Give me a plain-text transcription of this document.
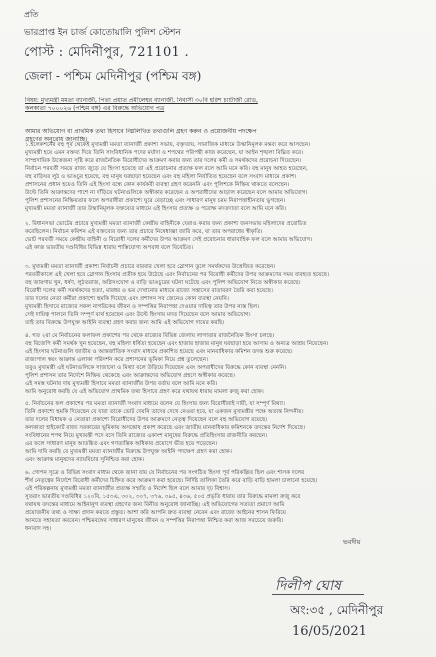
প্রতি
ভারপ্রাপ্ত ইন চার্জ কোতোয়ালি পুলিশ স্টেশন
পোস্ট : মেদিনীপুর, 721101 .
জেলা - পশ্চিম মেদিনীপুর (পশ্চিম বঙ্গ)
বিষয়: মুখ্যমন্ত্রী মমতা ব্যানার্জী, পিতা প্রয়াত প্রমীলেশ্বর ব্যানার্জী, নিবাসী ৩০বি হরিশ চ্যাটার্জী রোড,
কলকাতা ৭০০০২৬ (পশ্চিম বঙ্গ) এর বিরুদ্ধে অভিযোগ পত্র
আমার অভিযোগ বা প্রাথমিক তথ্য হিসাবে নিম্নলিখিত তথ্যগুলি গ্রহণ করুন ও প্রয়োজনীয় পদক্ষেপ
গ্রহণের অনুরোধ জানাচ্ছি।
১.ইলেকশনের বহু পূর্ব থেকেই মুখ্যমন্ত্রী মমতা ব্যানার্জী প্রকাশ্য সভায়, বক্তৃতায়, সামাজিক মাধ্যমে উস্কানিমূলক মন্তব্য করে আসছেন।
মুখ্যমন্ত্রী হয়ে এমন বক্তব্য দিয়ে তিনি সাংবিধানিক পদের মর্যাদা ও শপথের পরিপন্থী কাজ করেছেন, যা আইন শৃঙ্খলা বিঘ্নিত করে।
সাম্প্রদায়িক উত্তেজনা সৃষ্টি করে রাজনৈতিক বিরোধীদের আক্রমণ করার জন্য তার দলের কর্মী ও সমর্থকদের প্ররোচনা দিয়েছেন।
নির্বাচন পরবর্তী সময়ে রাজ্য জুড়ে যে হিংসা হয়েছে তা এই প্ররোচনার প্রত্যক্ষ ফল বলে আমি মনে করি। বহু মানুষ আহত হয়েছেন,
বহু বাড়িঘর লুঠ ও ভাঙচুর হয়েছে, বহু মানুষ ঘরছাড়া হয়েছেন এবং বহু মহিলা নির্যাতিত হয়েছেন বলে সংবাদ মাধ্যমে প্রকাশ।
প্রশাসনের প্রধান হয়েও তিনি এই হিংসা বন্ধে কোন কার্যকরী ব্যবস্থা গ্রহণ করেননি এবং পুলিশকে নিষ্ক্রিয় থাকতে বলেছেন।
উল্টে তিনি আক্রান্তদের পাশে না দাঁড়িয়ে ঘটনাগুলিকে অস্বীকার করেছেন ও অপরাধীদের আড়াল করেছেন বলে আমার অভিযোগ।
পুলিশ প্রশাসনের নিষ্ক্রিয়তার ফলে অপরাধীরা প্রকাশ্যে ঘুরে বেড়াচ্ছে এবং সাধারণ মানুষ চরম নিরাপত্তাহীনতায় ভুগছেন।
মুখ্যমন্ত্রী মমতা ব্যানার্জী তার উস্কানিমূলক বক্তব্যের মাধ্যমে এই হিংসার প্রত্যক্ষ ও পরোক্ষ মদতদাতা বলে আমি মনে করি।
২. বিধানসভা ভোটের প্রচারে মুখ্যমন্ত্রী মমতা ব্যানার্জী কেন্দ্রীয় বাহিনীকে ঘেরাও করার জন্য প্রকাশ্য জনসভায় মহিলাদের প্ররোচিত
করেছিলেন। নির্বাচন কমিশন এই বক্তব্যের জন্য তার প্রচারে নিষেধাজ্ঞা জারি করে, যা তার অপরাধের স্বীকৃতি।
ভোট পরবর্তী সময়ে কেন্দ্রীয় বাহিনী ও বিরোধী দলের কর্মীদের উপর আক্রমণ সেই প্ররোচনার ধারাবাহিক ফল বলে আমার অভিযোগ।
এই কাজ ভারতীয় দণ্ডবিধির বিভিন্ন ধারায় শাস্তিযোগ্য অপরাধ বলে বিবেচিত।
৩. মুখ্যমন্ত্রী মমতা ব্যানার্জী প্রকাশ্য নির্বাচনী প্রচারে বারবার খেলা হবে স্লোগান তুলে সমর্থকদের উত্তেজিত করেছেন।
পরবর্তীকালে এই খেলা হবে স্লোগান হিংসার প্রতীক হয়ে উঠেছে এবং নির্বাচনের পর বিরোধী কর্মীদের উপর আক্রমণের সময় ব্যবহৃত হয়েছে।
বহু জায়গায় খুন, ধর্ষণ, লুঠতরাজ, অগ্নিসংযোগ ও বাড়ি ভাঙচুরের ঘটনা ঘটেছে এবং পুলিশ অভিযোগ নিতে অস্বীকার করেছে।
বিরোধী দলের কর্মী সমর্থকদের হত্যা, মারধর ও ভয় দেখানোর মাধ্যমে রাজ্যে সন্ত্রাসের বাতাবরণ তৈরি করা হয়েছে।
তার দলের নেতা কর্মীরা প্রকাশ্যে হুমকি দিয়েছে এবং প্রশাসন সব জেনেও কোন ব্যবস্থা নেয়নি।
মুখ্যমন্ত্রী হিসাবে রাজ্যের সকল নাগরিকের জীবন ও সম্পত্তির নিরাপত্তা দেওয়ার দায়িত্ব তার উপর ন্যস্ত ছিল।
সেই দায়িত্ব পালনে তিনি সম্পূর্ণ ব্যর্থ হয়েছেন এবং উল্টে হিংসায় মদত দিয়েছেন বলে আমার অভিযোগ।
তাই তার বিরুদ্ধে উপযুক্ত আইনি ব্যবস্থা গ্রহণ করার জন্য আমি এই অভিযোগ দায়ের করছি।
৪. গত ২রা মে নির্বাচনের ফলাফল প্রকাশের পর থেকে রাজ্যের বিভিন্ন জেলায় লাগাতার রাজনৈতিক হিংসা চলছে।
বহু বিজেপি কর্মী সমর্থক খুন হয়েছেন, বহু মহিলা ধর্ষিতা হয়েছেন এবং হাজার হাজার মানুষ ঘরছাড়া হয়ে আসাম ও অন্যত্র আশ্রয় নিয়েছেন।
এই হিংসার ঘটনাগুলি জাতীয় ও আন্তর্জাতিক সংবাদ মাধ্যমে প্রকাশিত হয়েছে এবং মানবাধিকার কমিশন তদন্ত শুরু করেছে।
রাজ্যপাল স্বয়ং আক্রান্ত এলাকা পরিদর্শন করে প্রশাসনের ভূমিকা নিয়ে প্রশ্ন তুলেছেন।
তবুও মুখ্যমন্ত্রী এই ঘটনাগুলিকে সাজানো ও মিথ্যা বলে উড়িয়ে দিয়েছেন এবং অপরাধীদের বিরুদ্ধে কোন ব্যবস্থা নেননি।
পুলিশ প্রশাসন তার নির্দেশে নিষ্ক্রিয় থেকেছে এবং আক্রান্তদের অভিযোগ গ্রহণে অস্বীকার করেছে।
এই সমস্ত ঘটনার দায় মুখ্যমন্ত্রী হিসাবে মমতা ব্যানার্জীর উপর বর্তায় বলে আমি মনে করি।
আমি অনুরোধ করছি যে এই অভিযোগ প্রাথমিক তথ্য হিসাবে গ্রহণ করে যথাযথ ধারায় মামলা রুজু করা হোক।
৫. নির্বাচনের ফল প্রকাশের পর মমতা ব্যানার্জী সংবাদ মাধ্যমে বলেন যে হিংসার জন্য বিরোধীরাই দায়ী, যা সম্পূর্ণ মিথ্যা।
তিনি প্রকাশ্যে হুমকি দিয়েছেন যে যারা তাকে ভোট দেয়নি তাদের দেখে নেওয়া হবে, যা একজন মুখ্যমন্ত্রীর পক্ষে অত্যন্ত নিন্দনীয়।
তার দলের বিধায়ক ও নেতারা প্রকাশ্যে বিরোধীদের উপর আক্রমণে নেতৃত্ব দিয়েছেন বলে বহু অভিযোগ রয়েছে।
কলকাতা হাইকোর্ট রাজ্য সরকারের ভূমিকায় অসন্তোষ প্রকাশ করেছে এবং জাতীয় মানবাধিকার কমিশনকে তদন্তের নির্দেশ দিয়েছে।
সংবিধানের শপথ নিয়ে মুখ্যমন্ত্রী পদে বসে তিনি রাজ্যের একাংশ মানুষের বিরুদ্ধে প্রতিহিংসার রাজনীতি করছেন।
এর ফলে সাধারণ মানুষ আতঙ্কিত এবং গণতান্ত্রিক অধিকার প্রয়োগে ভীত হয়ে পড়েছেন।
আমি দাবি করছি যে মুখ্যমন্ত্রী মমতা ব্যানার্জীর বিরুদ্ধে উপযুক্ত আইনি পদক্ষেপ গ্রহণ করা হোক।
এবং আক্রান্ত মানুষদের ন্যায়বিচার সুনিশ্চিত করা হোক।
৬. গোপন সূত্রে ও বিভিন্ন সংবাদ মাধ্যম থেকে জানা যায় যে নির্বাচনের পর সংগঠিত হিংসা পূর্ব পরিকল্পিত ছিল এবং শাসক দলের
শীর্ষ নেতৃত্বের নির্দেশে বিরোধী কর্মীদের চিহ্নিত করে আক্রমণ করা হয়েছে। নির্দিষ্ট তালিকা তৈরি করে বাড়ি বাড়ি হামলা চালানো হয়েছে।
এই পরিকল্পনায় মুখ্যমন্ত্রী মমতা ব্যানার্জীর প্রত্যক্ষ সম্মতি ও নির্দেশ ছিল বলে আমার দৃঢ় বিশ্বাস।
সুতরাং ভারতীয় দণ্ডবিধির ১২০বি, ১৫৩এ, ৩০২, ৩০৭, ৩৭৬, ৩৯৫, ৪৩৬, ৫০৫ প্রভৃতি ধারায় তার বিরুদ্ধে মামলা রুজু করে
যথাযথ তদন্তের মাধ্যমে আইনানুগ ব্যবস্থা গ্রহণের জন্য বিনীত অনুরোধ জানাচ্ছি। এই অভিযোগের সত্যতা প্রমাণে আমি
প্রয়োজনীয় তথ্য ও সাক্ষ্য প্রদান করতে প্রস্তুত। আশা করি আপনি দ্রুত ব্যবস্থা নেবেন এবং রাজ্যে আইনের শাসন ফিরিয়ে
আনতে সহায়তা করবেন। পশ্চিমবঙ্গের সাধারণ মানুষের জীবন ও সম্পত্তির নিরাপত্তা নিশ্চিত করা আজ সবচেয়ে জরুরি।
ধন্যবাদ সহ।
ভবদীয়
দিলীপ ঘোষ
অং:৩৫ , মেদিনীপুর
16/05/2021
